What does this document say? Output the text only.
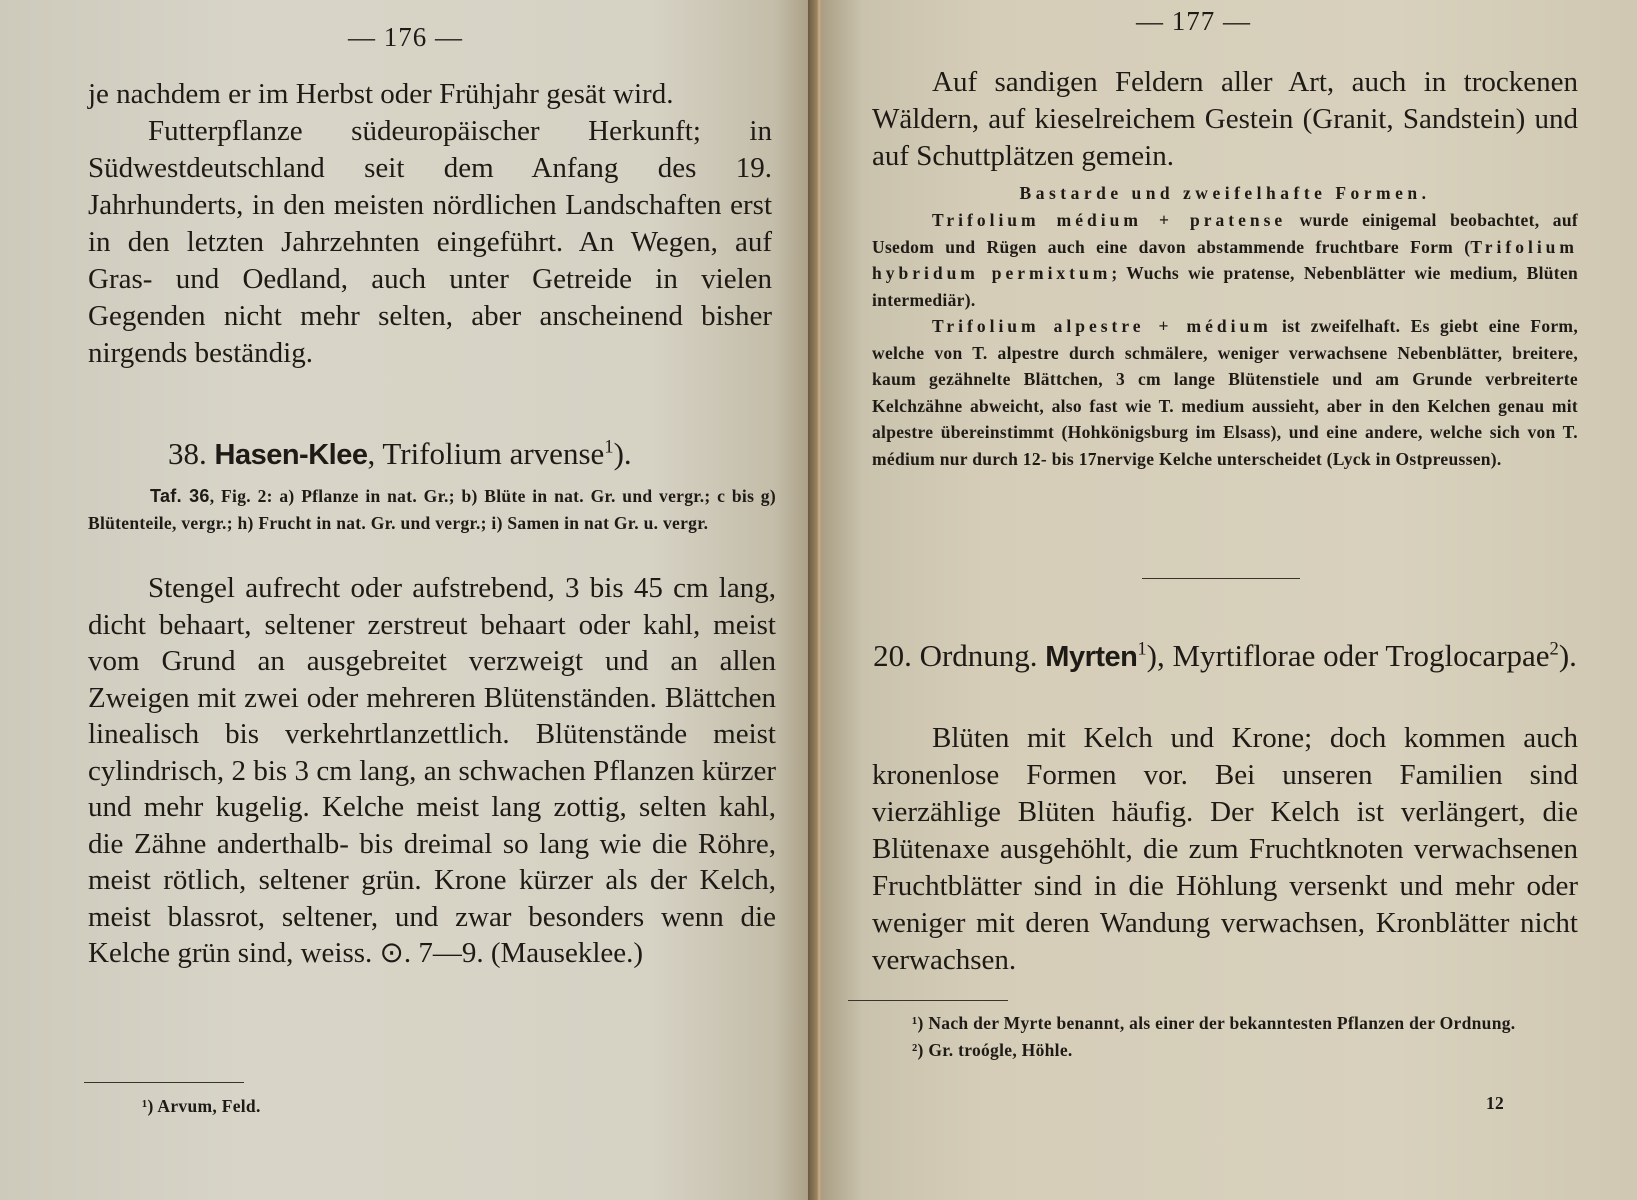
— 176 —

je nachdem er im Herbst oder Frühjahr gesät wird.

Futterpflanze südeuropäischer Herkunft; in Südwestdeutschland seit dem Anfang des 19. Jahrhunderts, in den meisten nördlichen Landschaften erst in den letzten Jahrzehnten eingeführt. An Wegen, auf Gras- und Oedland, auch unter Getreide in vielen Gegenden nicht mehr selten, aber anscheinend bisher nirgends beständig.

38. Hasen-Klee, Trifolium arvense$^1$).

Taf. 36, Fig. 2: a) Pflanze in nat. Gr.; b) Blüte in nat. Gr. und vergr.; c bis g) Blütenteile, vergr.; h) Frucht in nat. Gr. und vergr.; i) Samen in nat Gr. u. vergr.

Stengel aufrecht oder aufstrebend, 3 bis 45 cm lang, dicht behaart, seltener zerstreut behaart oder kahl, meist vom Grund an ausgebreitet verzweigt und an allen Zweigen mit zwei oder mehreren Blütenständen. Blättchen linealisch bis verkehrtlanzettlich. Blütenstände meist cylindrisch, 2 bis 3 cm lang, an schwachen Pflanzen kürzer und mehr kugelig. Kelche meist lang zottig, selten kahl, die Zähne anderthalb- bis dreimal so lang wie die Röhre, meist rötlich, seltener grün. Krone kürzer als der Kelch, meist blassrot, seltener, und zwar besonders wenn die Kelche grün sind, weiss. ⊙. 7—9. (Mauseklee.)

¹) Arvum, Feld.
— 177 —

Auf sandigen Feldern aller Art, auch in trockenen Wäldern, auf kieselreichem Gestein (Granit, Sandstein) und auf Schuttplätzen gemein.

Bastarde und zweifelhafte Formen.

Trifolium médium + pratense wurde einigemal beobachtet, auf Usedom und Rügen auch eine davon abstammende fruchtbare Form (Trifolium hybridum permixtum; Wuchs wie pratense, Nebenblätter wie medium, Blüten intermediär).

Trifolium alpestre + médium ist zweifelhaft. Es giebt eine Form, welche von T. alpestre durch schmälere, weniger verwachsene Nebenblätter, breitere, kaum gezähnelte Blättchen, 3 cm lange Blütenstiele und am Grunde verbreiterte Kelchzähne abweicht, also fast wie T. medium aussieht, aber in den Kelchen genau mit alpestre übereinstimmt (Hohkönigsburg im Elsass), und eine andere, welche sich von T. médium nur durch 12- bis 17nervige Kelche unterscheidet (Lyck in Ostpreussen).

20. Ordnung. Myrten$^1$), Myrtiflorae oder Troglocarpae$^2$).

Blüten mit Kelch und Krone; doch kommen auch kronenlose Formen vor. Bei unseren Familien sind vierzählige Blüten häufig. Der Kelch ist verlängert, die Blütenaxe ausgehöhlt, die zum Fruchtknoten verwachsenen Fruchtblätter sind in die Höhlung versenkt und mehr oder weniger mit deren Wandung verwachsen, Kronblätter nicht verwachsen.

¹) Nach der Myrte benannt, als einer der bekanntesten Pflanzen der Ordnung.

²) Gr. troógle, Höhle.

12
